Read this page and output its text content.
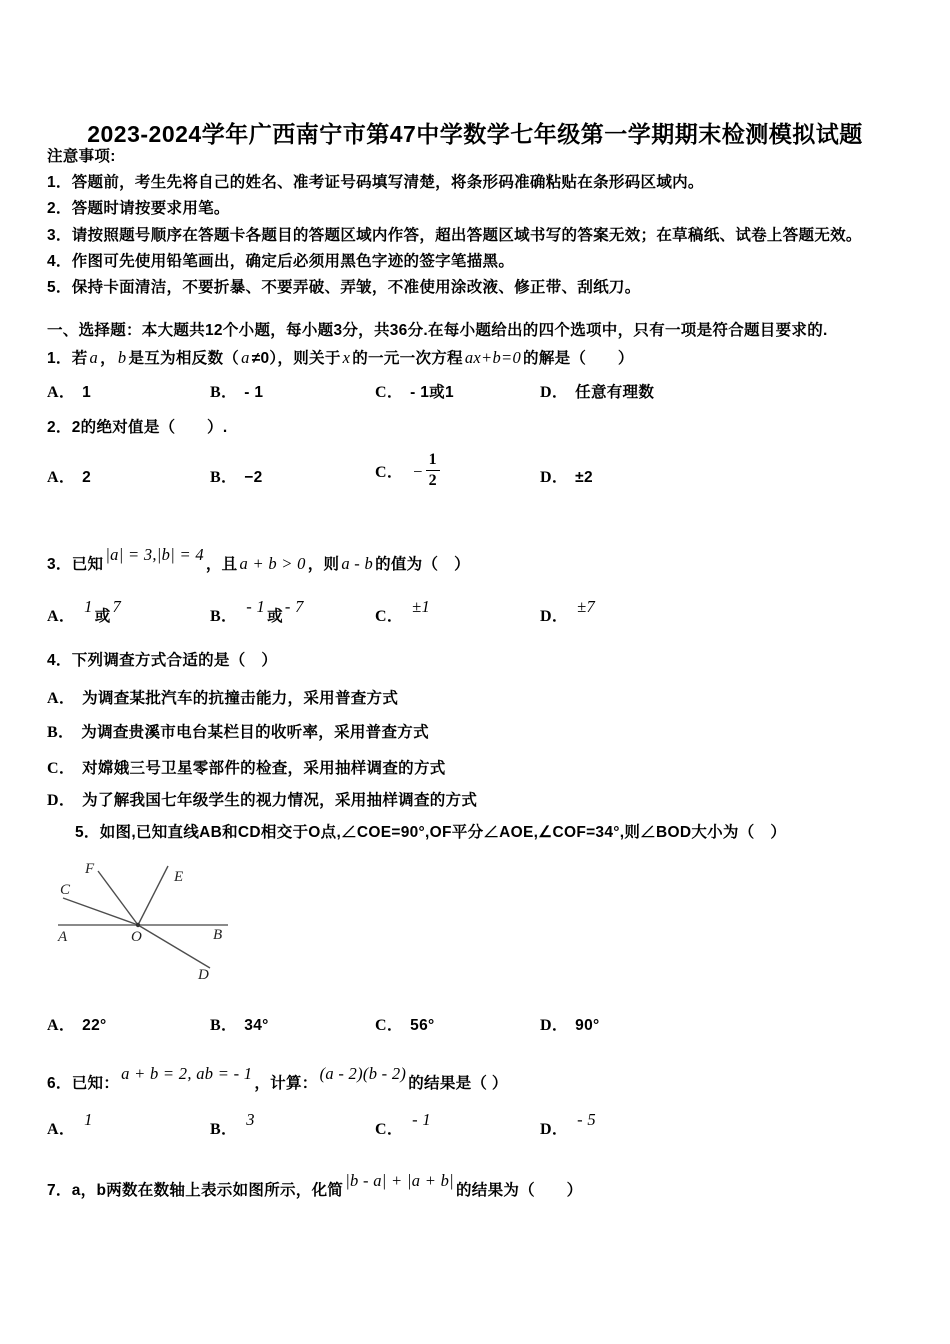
2023-2024学年广西南宁市第47中学数学七年级第一学期期末检测模拟试题
注意事项:
1．答题前，考生先将自己的姓名、准考证号码填写清楚，将条形码准确粘贴在条形码区域内。
2．答题时请按要求用笔。
3．请按照题号顺序在答题卡各题目的答题区域内作答，超出答题区域书写的答案无效；在草稿纸、试卷上答题无效。
4．作图可先使用铅笔画出，确定后必须用黑色字迹的签字笔描黑。
5．保持卡面清洁，不要折暴、不要弄破、弄皱，不准使用涂改液、修正带、刮纸刀。
一、选择题：本大题共12个小题，每小题3分，共36分.在每小题给出的四个选项中，只有一项是符合题目要求的.
1．若 a ， b 是互为相反数（ a ≠0），则关于 x 的一元一次方程 ax+b=0 的解是（　　）
A． 1	B． - 1	C． - 1或1	D． 任意有理数
2．2的绝对值是（　　）.
A． 2	B． −2	C． − $\frac{1}{2}$	D． ±2
3．已知|a| = 3,|b| = 4，且 a + b > 0 ，则 a - b 的值为（　）
A．1或7
B．- 1或- 7
C．±1
D．±7
4．下列调查方式合适的是（　）
A． 为调查某批汽车的抗撞击能力，采用普查方式
B． 为调查贵溪市电台某栏目的收听率，采用普查方式
C． 对嫦娥三号卫星零部件的检查，采用抽样调查的方式
D． 为了解我国七年级学生的视力情况，采用抽样调查的方式
5．如图,已知直线AB和CD相交于O点,∠COE=90°,OF平分∠AOE,∠COF=34°,则∠BOD大小为（　）
A	O	B
C
F	E
D
A． 22°	B． 34°	C． 56°	D． 90°
6．已知：a + b = 2, ab = - 1，计算：(a - 2)(b - 2)的结果是（ ）
A．1
B．3
C．- 1
D．- 5
7．a，b两数在数轴上表示如图所示，化简|b - a| + |a + b|的结果为（　　）
